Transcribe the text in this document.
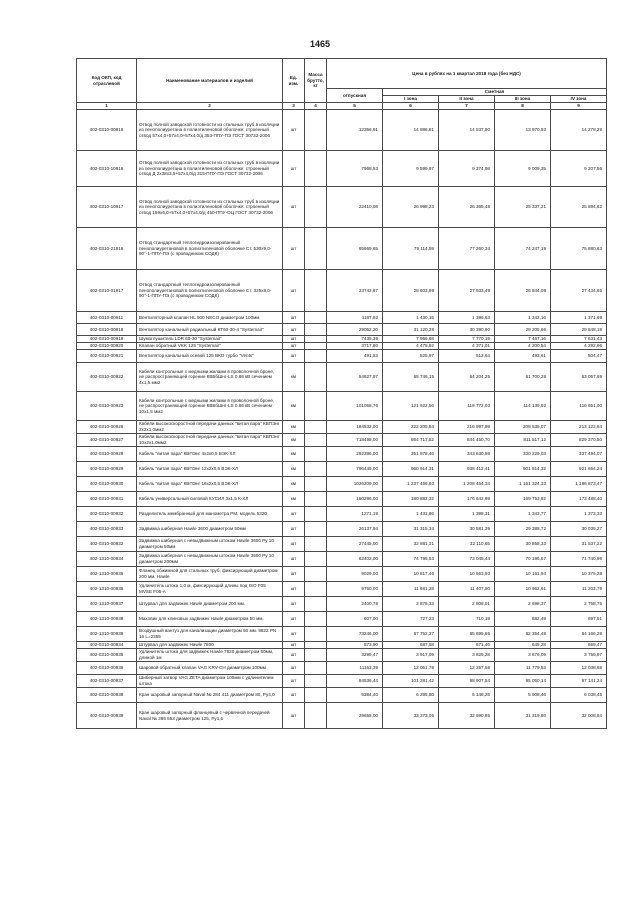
1465
Код ОКП, код отраслевой	Наименование материалов и изделий	Ед. изм.	Масса брутто, кг	Цена в рублях на 1 квартал 2018 года (без НДС)				
				отпускная	Сметная			
					I зона	II зона	III зона	IV зона
1	2	3	4	5	6	7	8	9
402-0310-00916	Отвод полной заводской готовности из стальных труб в изоляции из пенополиуретана в полиэтиленовой оболочке: строенный отвод 57х4,0+57х4,0+57х4,0/д 353-ППУ-ПЭ ГОСТ 30732-2006	шт		12356,91	14 886,81	14 537,90	13 970,93	14 278,29
402-0310-10916	Отвод полной заводской готовности из стальных труб в изоляции из пенополиуретана в полиэтиленовой оболочке: строенный отвод Д 2х38х3,5+57х4,0/д 315-ППУ-ПЭ ГОСТ 30732-2006	шт		7968,53	9 599,97	9 374,98	9 009,35	9 207,56
402-0310-10917	Отвод полной заводской готовности из стальных труб в изоляции из пенополиуретана в полиэтиленовой оболочке: строенный отвод 159х6,0+57х4,0+57х4,0/д 450-ППУ-ОЦ ГОСТ 30732-2006	шт		22410,08	26 998,23	26 365,48	25 337,21	25 894,62
402-0310-21916	Отвод стандартный теплогидроизолированный пенополиуретановой в полиэтиленовой оболочке Ст. 530х9,0-90°-1-ППУ-ПЭ (с проводником СОДК)	шт		65669,65	79 114,59	77 260,34	74 247,19	75 880,63
402-0310-01917	Отвод стандартный теплогидроизолированный пенополиуретановой в полиэтиленовой оболочке Ст. 325х8,0-90°-1-ППУ-ПЭ (с проводником СОДК)	шт		23742,87	28 603,89	27 933,49	26 844,08	27 434,65
402-0310-00911	Вентиляторный клапан HL 900 NECO диаметром 100мм	шт		1187,92	1 430,15	1 396,63	1 342,16	1 371,69
402-0310-00918	Вентилятор канальный радиальный КТ60-30-4 "Systemair"	шт		29052,20	31 120,28	30 390,90	29 205,66	29 848,18
402-0310-00919	Шумоглушитель LDR 60-30 "Systemair"	шт		7435,39	7 956,68	7 770,19	7 467,16	7 631,43
402-0310-00920	Клапан обратный VKK 125 "Systemair"	шт		3717,80	4 475,92	4 371,01	4 200,54	4 292,96
402-0310-00921	Вентилятор канальный осевой 125 ВКО турбо "Vents"	шт		491,53	525,97	513,64	493,61	504,47
402-0310-00922	Кабели контрольные с медными жилами в проволочной броне, не распространяющей горение КВБбШнг-LS 0.66 кВ сечением 4х1,5 мм2	км		54627,97	65 746,15	64 204,25	61 700,28	63 057,69
402-0310-00923	Кабели контрольные с медными жилами в проволочной броне, не распространяющей горение КВБбШнг-LS 0.66 кВ сечением 10х1,5 мм2	км		101058,76	121 622,56	118 772,03	114 139,92	116 651,00
402-0310-00926	Кабели высокоскоростной передачи данных "витая пара" КВПЭнг 2х2х1,0мм2	км		184532,00	222 205,84	216 997,99	208 535,07	213 122,84
402-0310-00927	Кабели высокоскоростной передачи данных "витая пара" КВПЭнг 10х2х1,0мм2	км		718498,00	864 717,52	844 450,70	811 517,12	829 370,50
402-0310-00928	Кабель "витая пара" КВПЭнг 4х2х0,5 ВЭК-ХЛ	км		292396,00	351 878,46	343 630,59	330 229,03	337 494,07
402-0310-00929	Кабель "витая пара" КВПЭнг 12х2х0,5 ВЭК-ХЛ	км		796445,00	960 914,31	938 412,41	901 814,32	921 654,24
402-0310-00930	Кабель "витая пара" КВПЭнг 16х2х0,5 ВЭК-ХЛ	км		1026209,00	1 237 456,93	1 208 454,34	1 161 324,33	1 186 873,47
402-0310-00931	Кабель универсальный силовой КУСИЛ 3х1,5 К-ХЛ	км		150296,00	180 882,32	176 642,89	169 753,82	173 488,40
402-0310-00932	Разделитель мембранный для манометра РМ, модель 5320	шт		1271,19	1 431,86	1 398,31	1 343,77	1 373,33
402-0310-00933	Задвижка шиберная Hawle 3600 диаметром 50мм	шт		26137,94	31 315,34	30 581,39	29 388,72	30 035,27
402-0310-00932	Задвижка шиберная с невыдвижным штоком Hawle 3600 Ру 10 диаметром 50мм	шт		27445,00	32 881,31	32 110,65	30 858,33	31 537,22
402-1310-00934	Задвижка шиберная с невыдвижным штоком Hawle 3600 Ру 10 диаметром 200мм	шт		62402,00	74 798,53	73 045,44	70 196,67	71 740,99
402-1310-00935	Фланец обжимной для стальных труб, фиксирующий диаметром 200 мм. Hawle	шт		9029,00	10 817,46	10 563,93	10 151,94	10 375,28
402-1310-00936	Удлинитель штока 1,0 м, фиксирующий длины под ISO F05 MVSE F05-A	шт		9750,00	11 681,28	11 407,50	10 962,61	11 203,79
402-1310-00937	Штурвал для задвижек Hawle диаметром 200 мм.	шт		2400,78	2 878,33	2 808,01	2 698,37	2 758,75
402-1310-00938	Маховик для клиновых задвижек Hawle диаметром 50 мм.	шт		607,00	727,23	710,19	682,49	697,51
402-1310-00939	Воздушный вантуз для канализации диаметром 50 мм. 9822 PN 16 L=2355	шт		73246,00	87 752,37	85 695,65	82 354,48	84 166,28
402-0310-00934	Штурвал для задвижек Hawle 7800	шт		573,90	687,58	671,46	645,28	659,47
402-0310-00935	Удлинитель штока для задвижек Hawle 7820 диаметром 50мм, длиной 1м	шт		3299,47	3 917,09	3 825,28	3 676,09	3 756,97
402-0310-00936	Шаровой обратный клапан VAG KRV-CH диаметром 100мм	шт		11153,39	12 051,78	12 257,58	11 779,53	12 038,68
402-0310-00937	Шиберный затвор VAG ZETA диаметром 100мм с удлинителем штока	шт		84536,44	101 281,42	98 907,54	95 050,14	97 141,24
402-0310-00938	Кран шаровый запорный Naval № 284 411 диаметром 80, Ру4,0	шт		5384,40	6 295,80	6 148,25	5 908,46	6 038,45
402-0310-00939	Кран шаровый запорный фланцевый с червячной передачей Naval № 285 553 диаметром 125, Ру1,6	шт		29655,00	33 373,05	32 590,85	31 319,80	32 008,84
